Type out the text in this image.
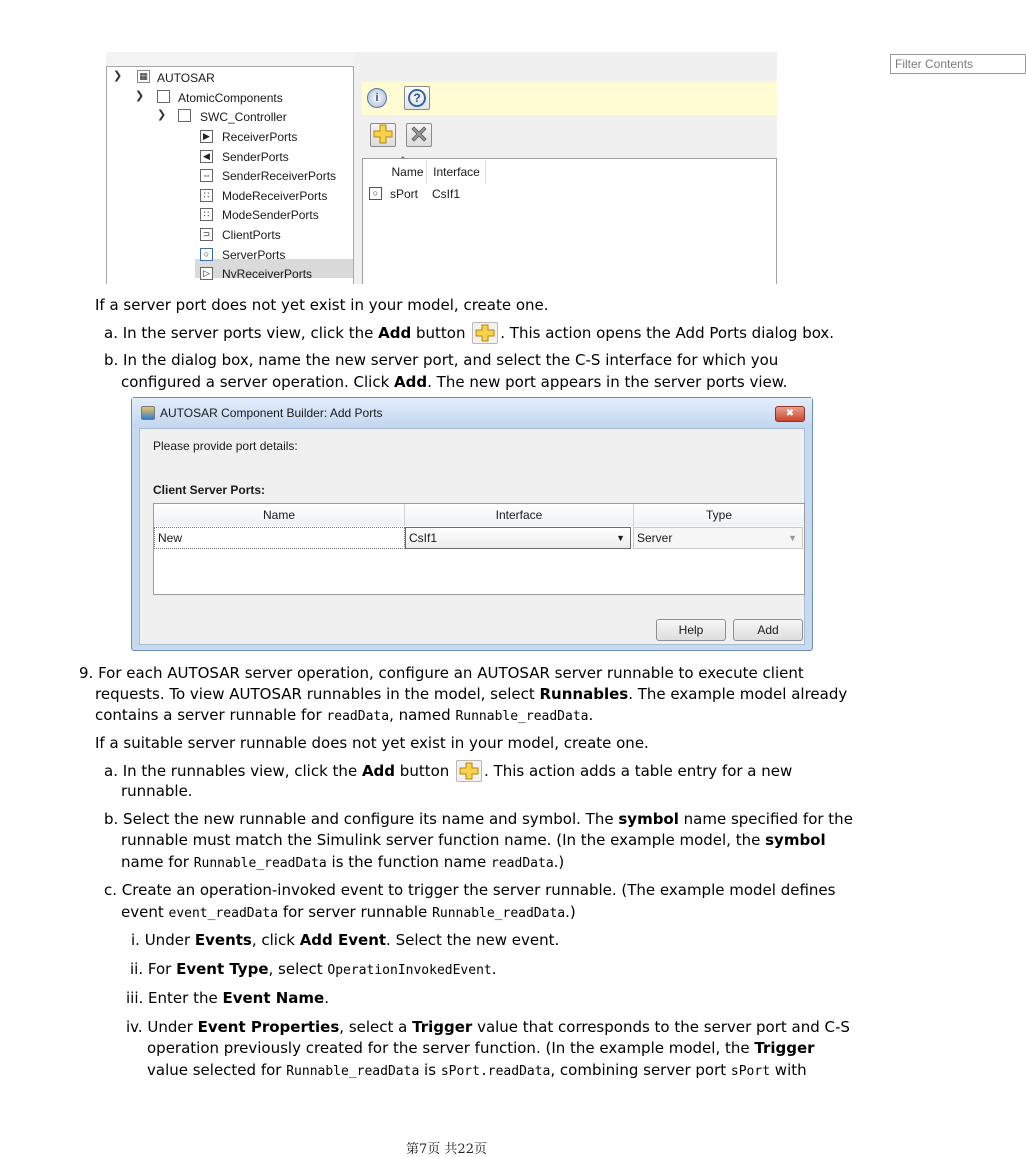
❯ ▦ AUTOSAR
❯	AtomicComponents
❯	SWC_Controller
▶ ReceiverPorts
◀ SenderPorts
⇔ SenderReceiverPorts
∷	ModeReceiverPorts
∷	ModeSenderPorts
⊃ ClientPorts
○	ServerPorts
▷ NvReceiverPorts
Filter Contents
i	?
⌃
Name Interface
○ sPort CsIf1
If a server port does not yet exist in your model, create one.
a. In the server ports view, click the Add button . This action opens the Add Ports dialog box.
b. In the dialog box, name the new server port, and select the C-S interface for which you
configured a server operation. Click Add. The new port appears in the server ports view.
AUTOSAR Component Builder: Add Ports	✖
Please provide port details:
Client Server Ports:
Name	Interface	Type
New	CsIf1	▼	Server	▼
Help	Add
9. For each AUTOSAR server operation, configure an AUTOSAR server runnable to execute client
requests. To view AUTOSAR runnables in the model, select Runnables. The example model already
contains a server runnable for readData, named Runnable_readData.
If a suitable server runnable does not yet exist in your model, create one.
a. In the runnables view, click the Add button . This action adds a table entry for a new
runnable.
b. Select the new runnable and configure its name and symbol. The symbol name specified for the
runnable must match the Simulink server function name. (In the example model, the symbol
name for Runnable_readData is the function name readData.)
c. Create an operation-invoked event to trigger the server runnable. (The example model defines
event event_readData for server runnable Runnable_readData.)
i. Under Events, click Add Event. Select the new event.
ii. For Event Type, select OperationInvokedEvent.
iii. Enter the Event Name.
iv. Under Event Properties, select a Trigger value that corresponds to the server port and C-S
operation previously created for the server function. (In the example model, the Trigger
value selected for Runnable_readData is sPort.readData, combining server port sPort with
第7页 共22页
